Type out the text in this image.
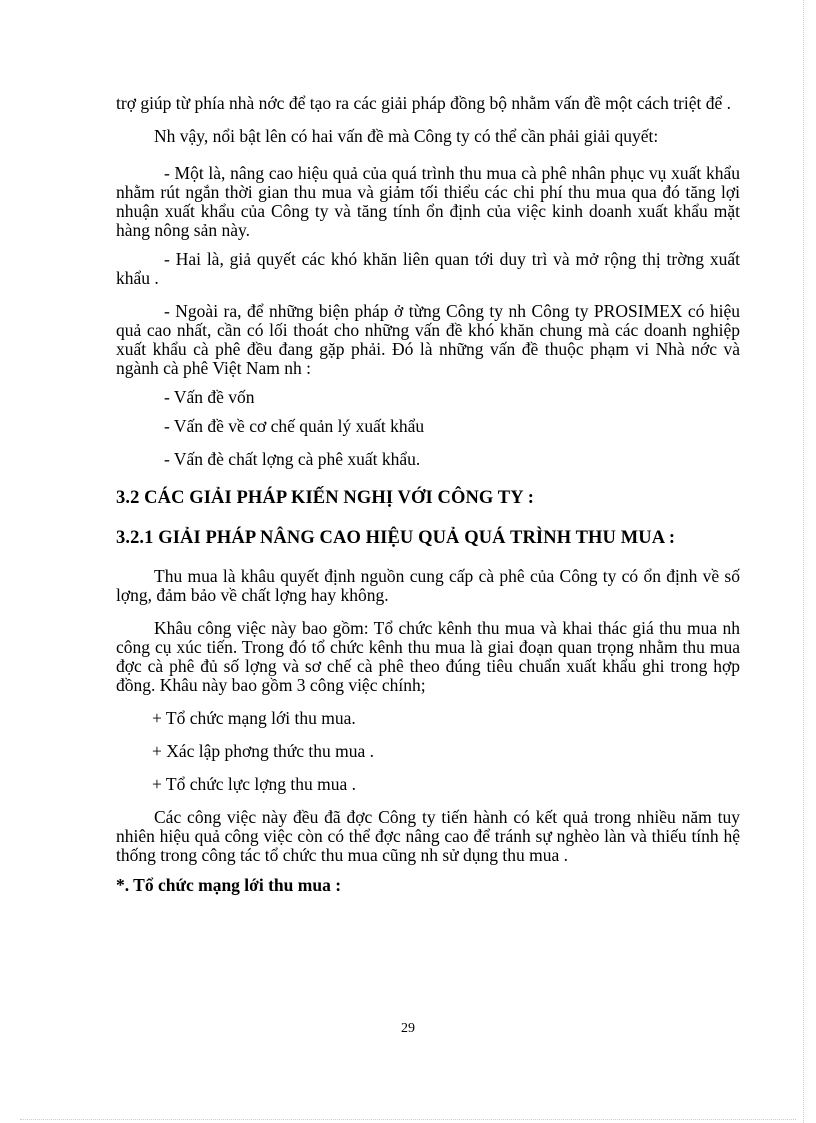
trợ giúp từ phía nhà nớc để tạo ra các giải pháp đồng bộ nhằm vấn đề một cách triệt để .

Nh vậy, nổi bật lên có hai vấn đề mà Công ty có thể cần phải giải quyết:

- Một là, nâng cao hiệu quả của quá trình thu mua cà phê nhân phục vụ xuất khẩu nhằm rút ngắn thời gian thu mua và giảm tối thiểu các chi phí thu mua qua đó tăng lợi nhuận xuất khẩu của Công ty và tăng tính ổn định của việc kinh doanh xuất khẩu mặt hàng nông sản này.

- Hai là, giả quyết các khó khăn liên quan tới duy trì và mở rộng thị trờng xuất khẩu .

- Ngoài ra, để những biện pháp ở từng Công ty nh Công ty PROSIMEX có hiệu quả cao nhất, cần có lối thoát cho những vấn đề khó khăn chung mà các doanh nghiệp xuất khẩu cà phê đều đang gặp phải. Đó là những vấn đề thuộc phạm vi Nhà nớc và ngành cà phê Việt Nam nh :

- Vấn đề vốn

- Vấn đề về cơ chế quản lý xuất khẩu

- Vấn đè chất lợng cà phê xuất khẩu.

3.2 CÁC GIẢI PHÁP KIẾN NGHỊ VỚI CÔNG TY :
3.2.1 GIẢI PHÁP NÂNG CAO HIỆU QUẢ QUÁ TRÌNH THU MUA :

Thu mua là khâu quyết định nguồn cung cấp cà phê của Công ty có ổn định về số lợng, đảm bảo về chất lợng hay không.

Khâu công việc này bao gồm: Tổ chức kênh thu mua và khai thác giá thu mua nh công cụ xúc tiến. Trong đó tổ chức kênh thu mua là giai đoạn quan trọng nhằm thu mua đợc cà phê đủ số lợng và sơ chế cà phê theo đúng tiêu chuẩn xuất khẩu ghi trong hợp đồng. Khâu này bao gồm 3 công việc chính;

+ Tổ chức mạng lới thu mua.

+ Xác lập phơng thức thu mua .

+ Tổ chức lực lợng thu mua .

Các công việc này đều đã đợc Công ty tiến hành có kết quả trong nhiều năm tuy nhiên hiệu quả công việc còn có thể đợc nâng cao để tránh sự nghèo làn và thiếu tính hệ thống trong công tác tổ chức thu mua cũng nh sử dụng thu mua .

*. Tổ chức mạng lới thu mua :
29
